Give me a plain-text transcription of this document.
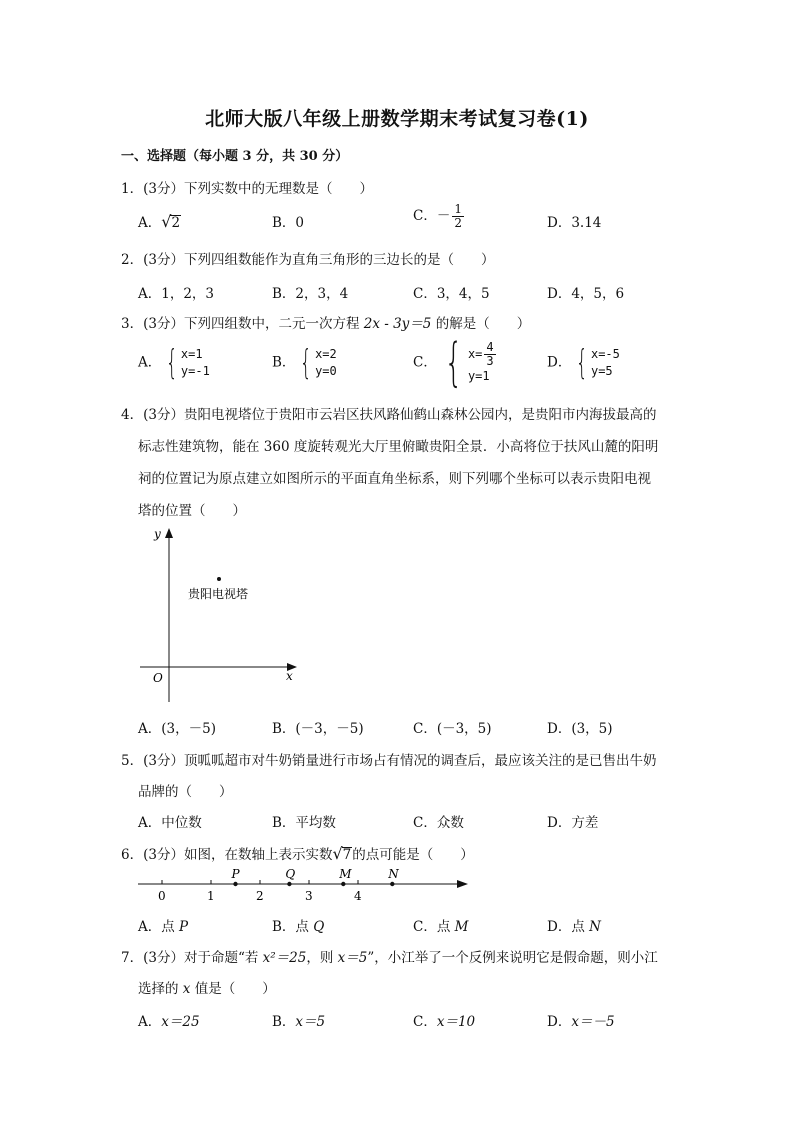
北师大版八年级上册数学期末考试复习卷(1)
一、选择题（每小题 3 分，共 30 分）
1．(3分）下列实数中的无理数是（　　）
A．√2	B．0	C．－ $\frac{1}{2}$	D．3.14
2．(3分）下列四组数能作为直角三角形的三边长的是（　　）
A．1，2，3	B．2，3，4	C．3，4，5	D．4，5，6
3．(3分）下列四组数中，二元一次方程 2x - 3y＝5 的解是（　　）
A． { x=1
y=-1
B． { x=2
y=0
C． { $x= \frac{4}{3}$
y=1
D． { x=-5
y=5
4．(3分）贵阳电视塔位于贵阳市云岩区扶风路仙鹤山森林公园内，是贵阳市内海拔最高的
标志性建筑物，能在 360 度旋转观光大厅里俯瞰贵阳全景．小高将位于扶风山麓的阳明
祠的位置记为原点建立如图所示的平面直角坐标系，则下列哪个坐标可以表示贵阳电视
塔的位置（　　）
y
x
O
贵阳电视塔
A．(3，－5)	B．(－3，－5)	C．(－3，5)	D．(3，5)
5．(3分）顶呱呱超市对牛奶销量进行市场占有情况的调查后，最应该关注的是已售出牛奶
品牌的（　　）
A．中位数	B．平均数	C．众数	D．方差
6．(3分）如图，在数轴上表示实数√7的点可能是（　　）
0	1	2	3	4
P	Q	M	N
A．点 P	B．点 Q	C．点 M	D．点 N
7．(3分）对于命题“若 x²＝25，则 x＝5”，小江举了一个反例来说明它是假命题，则小江
选择的 x 值是（　　）
A．x＝25	B．x＝5	C．x＝10	D．x＝－5
